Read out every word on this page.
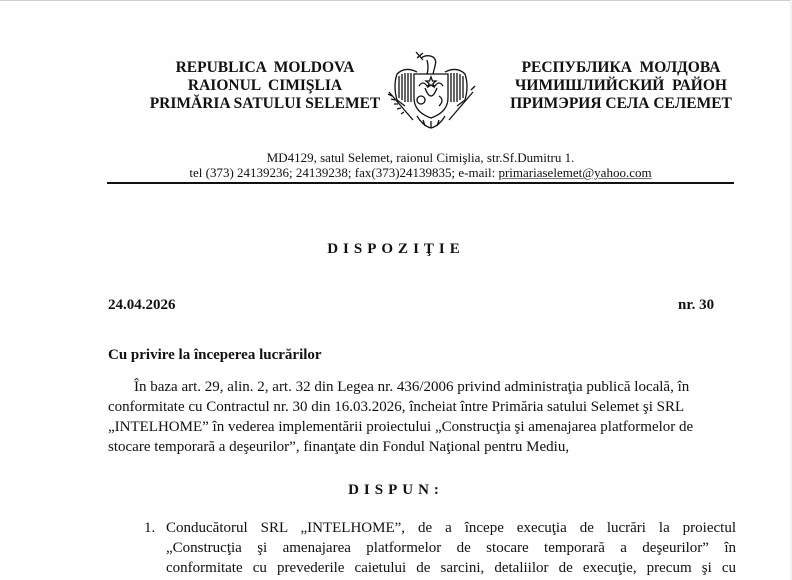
REPUBLICA  MOLDOVA
RAIONUL  CIMIŞLIA
PRIMĂRIA SATULUI SELEMET
РЕСПУБЛИКА  МОЛДОВА
ЧИМИШЛИЙСКИЙ  РАЙОН
ПРИМЭРИЯ СЕЛА СЕЛЕМЕТ
MD4129, satul Selemet, raionul Cimişlia, str.Sf.Dumitru 1.
tel (373) 24139236; 24139238; fax(373)24139835; e-mail: primariaselemet@yahoo.com
DISPOZIŢIE
24.04.2026	nr. 30
Cu privire la începerea lucrărilor
În baza art. 29, alin. 2, art. 32 din Legea nr. 436/2006 privind administraţia publică locală, în
conformitate cu Contractul nr. 30 din 16.03.2026, încheiat între Primăria satului Selemet şi SRL
„INTELHOME” în vederea implementării proiectului „Construcţia şi amenajarea platformelor de
stocare temporară a deşeurilor”, finanţate din Fondul Naţional pentru Mediu,
DISPUN:
1. Conducătorul SRL „INTELHOME”, de a începe execuţia de lucrări la proiectul
„Construcţia şi amenajarea platformelor de stocare temporară a deşeurilor” în
conformitate cu prevederile caietului de sarcini, detaliilor de execuţie, precum şi cu
